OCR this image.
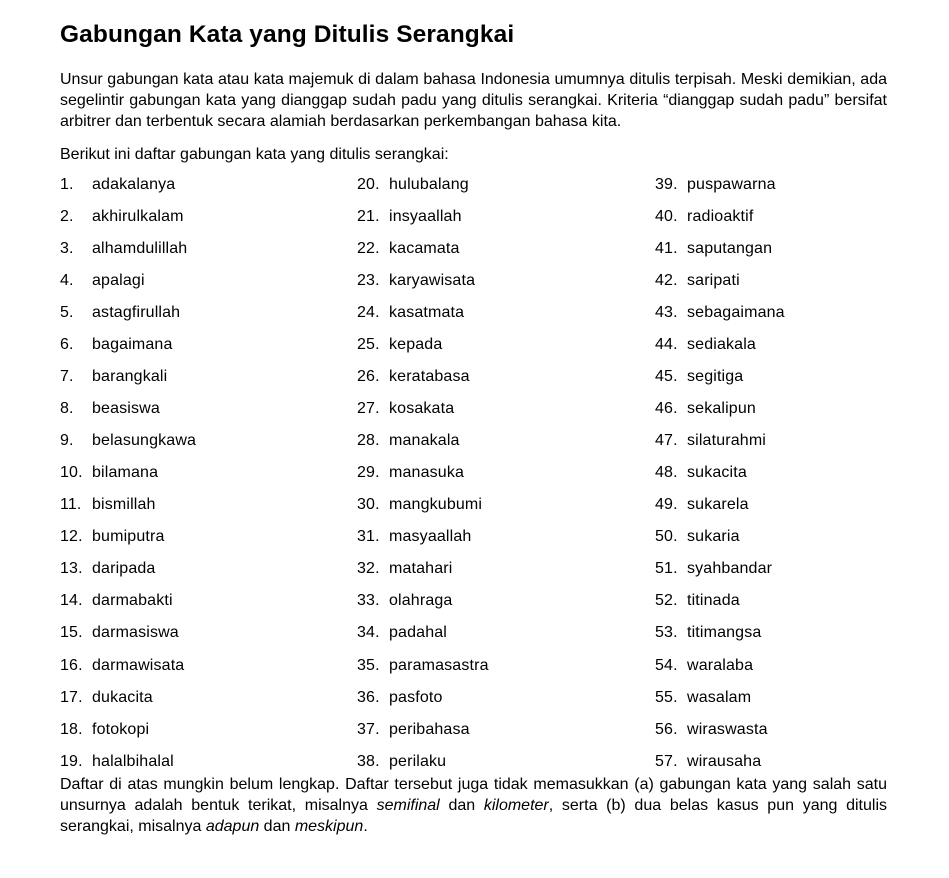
Gabungan Kata yang Ditulis Serangkai

Unsur gabungan kata atau kata majemuk di dalam bahasa Indonesia umumnya ditulis terpisah. Meski demikian, ada segelintir gabungan kata yang dianggap sudah padu yang ditulis serangkai. Kriteria “dianggap sudah padu” bersifat arbitrer dan terbentuk secara alamiah berdasarkan perkembangan bahasa kita.

Berikut ini daftar gabungan kata yang ditulis serangkai:

1.	adakalanya
2.	akhirulkalam
3.	alhamdulillah
4.	apalagi
5.	astagfirullah
6.	bagaimana
7.	barangkali
8.	beasiswa
9.	belasungkawa
10. bilamana
11. bismillah
12. bumiputra
13. daripada
14. darmabakti
15. darmasiswa
16. darmawisata
17. dukacita
18. fotokopi
19. halalbihalal
20. hulubalang
21. insyaallah
22. kacamata
23. karyawisata
24. kasatmata
25. kepada
26. keratabasa
27. kosakata
28. manakala
29. manasuka
30. mangkubumi
31. masyaallah
32. matahari
33. olahraga
34. padahal
35. paramasastra
36. pasfoto
37. peribahasa
38. perilaku
39. puspawarna
40. radioaktif
41. saputangan
42. saripati
43. sebagaimana
44. sediakala
45. segitiga
46. sekalipun
47. silaturahmi
48. sukacita
49. sukarela
50. sukaria
51. syahbandar
52. titinada
53. titimangsa
54. waralaba
55. wasalam
56. wiraswasta
57. wirausaha

Daftar di atas mungkin belum lengkap. Daftar tersebut juga tidak memasukkan (a) gabungan kata yang salah satu unsurnya adalah bentuk terikat, misalnya semifinal dan kilometer, serta (b) dua belas kasus pun yang ditulis serangkai, misalnya adapun dan meskipun.
